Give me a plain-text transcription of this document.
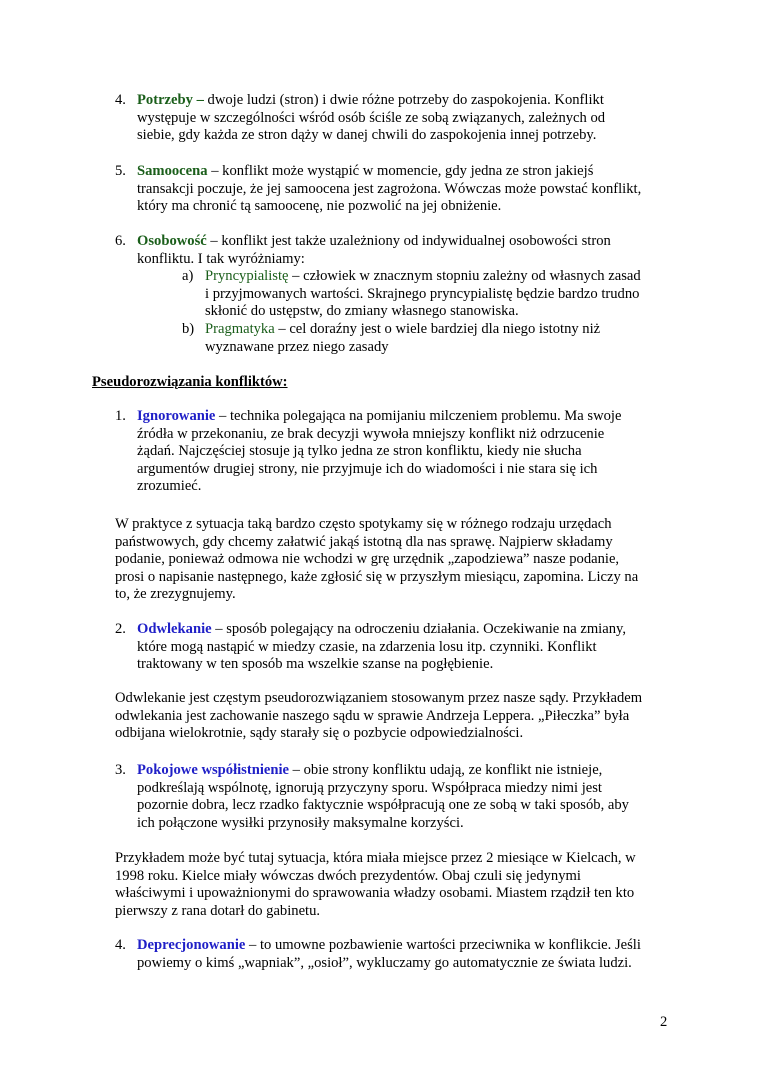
4. Potrzeby – dwoje ludzi (stron) i dwie różne potrzeby do zaspokojenia. Konflikt
występuje w szczególności wśród osób ściśle ze sobą związanych, zależnych od
siebie, gdy każda ze stron dąży w danej chwili do zaspokojenia innej potrzeby.
5. Samoocena – konflikt może wystąpić w momencie, gdy jedna ze stron jakiejś
transakcji poczuje, że jej samoocena jest zagrożona. Wówczas może powstać konflikt,
który ma chronić tą samoocenę, nie pozwolić na jej obniżenie.
6. Osobowość – konflikt jest także uzależniony od indywidualnej osobowości stron
konfliktu. I tak wyróżniamy:
a) Pryncypialistę – człowiek w znacznym stopniu zależny od własnych zasad
i przyjmowanych wartości. Skrajnego pryncypialistę będzie bardzo trudno
skłonić do ustępstw, do zmiany własnego stanowiska.
b) Pragmatyka – cel doraźny jest o wiele bardziej dla niego istotny niż
wyznawane przez niego zasady
Pseudorozwiązania konfliktów:
1. Ignorowanie – technika polegająca na pomijaniu milczeniem problemu. Ma swoje
źródła w przekonaniu, ze brak decyzji wywoła mniejszy konflikt niż odrzucenie
żądań. Najczęściej stosuje ją tylko jedna ze stron konfliktu, kiedy nie słucha
argumentów drugiej strony, nie przyjmuje ich do wiadomości i nie stara się ich
zrozumieć.
W praktyce z sytuacja taką bardzo często spotykamy się w różnego rodzaju urzędach
państwowych, gdy chcemy załatwić jakąś istotną dla nas sprawę. Najpierw składamy
podanie, ponieważ odmowa nie wchodzi w grę urzędnik „zapodziewa” nasze podanie,
prosi o napisanie następnego, każe zgłosić się w przyszłym miesiącu, zapomina. Liczy na
to, że zrezygnujemy.
2. Odwlekanie – sposób polegający na odroczeniu działania. Oczekiwanie na zmiany,
które mogą nastąpić w miedzy czasie, na zdarzenia losu itp. czynniki. Konflikt
traktowany w ten sposób ma wszelkie szanse na pogłębienie.
Odwlekanie jest częstym pseudorozwiązaniem stosowanym przez nasze sądy. Przykładem
odwlekania jest zachowanie naszego sądu w sprawie Andrzeja Leppera. „Piłeczka” była
odbijana wielokrotnie, sądy starały się o pozbycie odpowiedzialności.
3. Pokojowe współistnienie – obie strony konfliktu udają, ze konflikt nie istnieje,
podkreślają wspólnotę, ignorują przyczyny sporu. Współpraca miedzy nimi jest
pozornie dobra, lecz rzadko faktycznie współpracują one ze sobą w taki sposób, aby
ich połączone wysiłki przynosiły maksymalne korzyści.
Przykładem może być tutaj sytuacja, która miała miejsce przez 2 miesiące w Kielcach, w
1998 roku. Kielce miały wówczas dwóch prezydentów. Obaj czuli się jedynymi
właściwymi i upoważnionymi do sprawowania władzy osobami. Miastem rządził ten kto
pierwszy z rana dotarł do gabinetu.
4. Deprecjonowanie – to umowne pozbawienie wartości przeciwnika w konflikcie. Jeśli
powiemy o kimś „wapniak”, „osioł”, wykluczamy go automatycznie ze świata ludzi.
2
